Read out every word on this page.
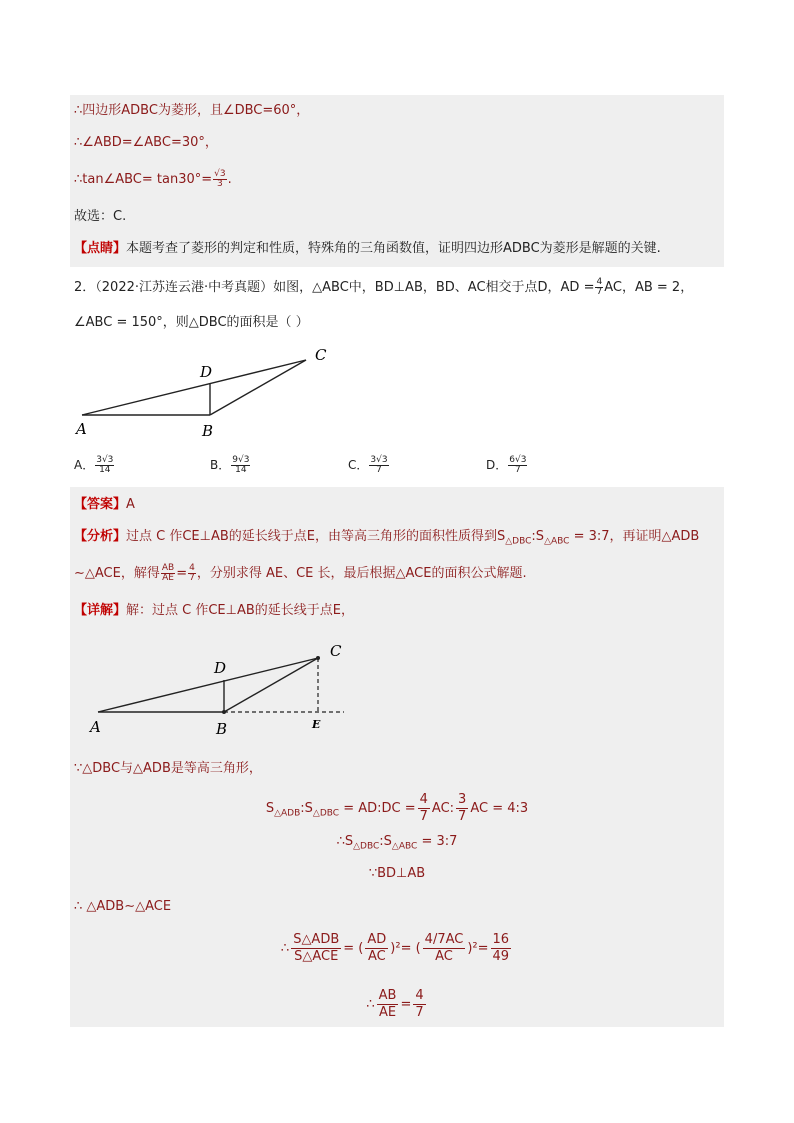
∴四边形ADBC为菱形，且∠DBC=60°，
∴∠ABD=∠ABC=30°，
∴tan∠ABC= $\tan 30^\circ= \frac{√3}{3}$ .
故选：C.
【点睛】本题考查了菱形的判定和性质，特殊角的三角函数值，证明四边形ADBC为菱形是解题的关键.
2．（2022·江苏连云港·中考真题）如图，△ABC中，BD⊥AB，BD、AC相交于点D，AD = $\frac{4}{7}$ AC，AB = 2，
∠ABC = 150°，则△DBC的面积是（ ）
A	B
C
D
A． $\frac{3√3}{14}$	B． $\frac{9√3}{14}$	C． $\frac{3√3}{7}$	D． $\frac{6√3}{7}$
【答案】A
【分析】过点 C 作CE⊥AB的延长线于点E，由等高三角形的面积性质得到$S_{\triangle DBC}:S_{\triangle ABC}$ = 3:7，再证明△ADB
∼△ACE，解得 $\frac{AB}{AE} = \frac{4}{7}$ ，分别求得 AE、CE 长，最后根据△ACE的面积公式解题.
【详解】解：过点 C 作CE⊥AB的延长线于点E，
A	B
C
D
E
∵△DBC与△ADB是等高三角形，
$S_{\triangle ADB}:S_{\triangle DBC}$ = AD:DC = $\frac{4}{7}$ AC: $\frac{3}{7}$ AC = 4:3
$\therefore S_{\triangle DBC}:S_{\triangle ABC}$ = 3:7
∵BD⊥AB
∴ △ADB∼△ACE
∴
S△ADB
S△ACE
= ( $\frac{AD}{AC} )^2=$ ( $\frac{4/7AC}{AC} )^2= \frac{16}{49}$
∴ $\frac{AB}{AE} = \frac{4}{7}$
